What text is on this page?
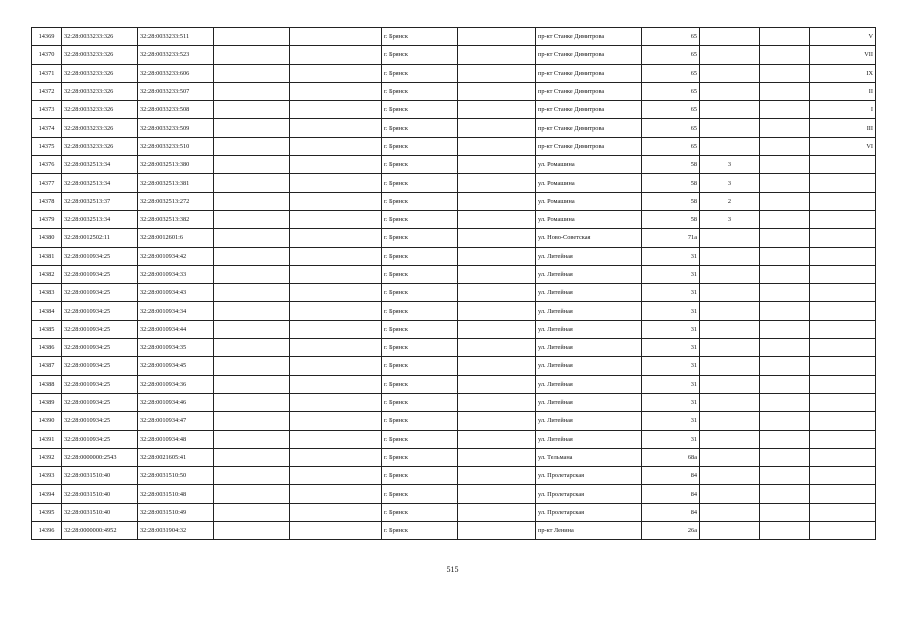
14369	32:28:0033233:326	32:28:0033233:511			г. Брянск		пр-кт Станке Димитрова	65			V
14370	32:28:0033233:326	32:28:0033233:523			г. Брянск		пр-кт Станке Димитрова	65			VII
14371	32:28:0033233:326	32:28:0033233:606			г. Брянск		пр-кт Станке Димитрова	65			IX
14372	32:28:0033233:326	32:28:0033233:507			г. Брянск		пр-кт Станке Димитрова	65			II
14373	32:28:0033233:326	32:28:0033233:508			г. Брянск		пр-кт Станке Димитрова	65			I
14374	32:28:0033233:326	32:28:0033233:509			г. Брянск		пр-кт Станке Димитрова	65			III
14375	32:28:0033233:326	32:28:0033233:510			г. Брянск		пр-кт Станке Димитрова	65			VI
14376	32:28:0032513:34	32:28:0032513:380			г. Брянск		ул. Ромашина	58	3		
14377	32:28:0032513:34	32:28:0032513:381			г. Брянск		ул. Ромашина	58	3		
14378	32:28:0032513:37	32:28:0032513:272			г. Брянск		ул. Ромашина	58	2		
14379	32:28:0032513:34	32:28:0032513:382			г. Брянск		ул. Ромашина	58	3		
14380	32:28:0012502:11	32:28:0012601:6			г. Брянск		ул. Ново-Советская	71а			
14381	32:28:0010934:25	32:28:0010934:42			г. Брянск		ул. Литейная	31			
14382	32:28:0010934:25	32:28:0010934:33			г. Брянск		ул. Литейная	31			
14383	32:28:0010934:25	32:28:0010934:43			г. Брянск		ул. Литейная	31			
14384	32:28:0010934:25	32:28:0010934:34			г. Брянск		ул. Литейная	31			
14385	32:28:0010934:25	32:28:0010934:44			г. Брянск		ул. Литейная	31			
14386	32:28:0010934:25	32:28:0010934:35			г. Брянск		ул. Литейная	31			
14387	32:28:0010934:25	32:28:0010934:45			г. Брянск		ул. Литейная	31			
14388	32:28:0010934:25	32:28:0010934:36			г. Брянск		ул. Литейная	31			
14389	32:28:0010934:25	32:28:0010934:46			г. Брянск		ул. Литейная	31			
14390	32:28:0010934:25	32:28:0010934:47			г. Брянск		ул. Литейная	31			
14391	32:28:0010934:25	32:28:0010934:48			г. Брянск		ул. Литейная	31			
14392	32:28:0000000:2543	32:28:0021605:41			г. Брянск		ул. Тельмана	68а			
14393	32:28:0031510:40	32:28:0031510:50			г. Брянск		ул. Пролетарская	84			
14394	32:28:0031510:40	32:28:0031510:48			г. Брянск		ул. Пролетарская	84			
14395	32:28:0031510:40	32:28:0031510:49			г. Брянск		ул. Пролетарская	84			
14396	32:28:0000000:4952	32:28:0031904:32			г. Брянск		пр-кт Ленина	26а			
515
